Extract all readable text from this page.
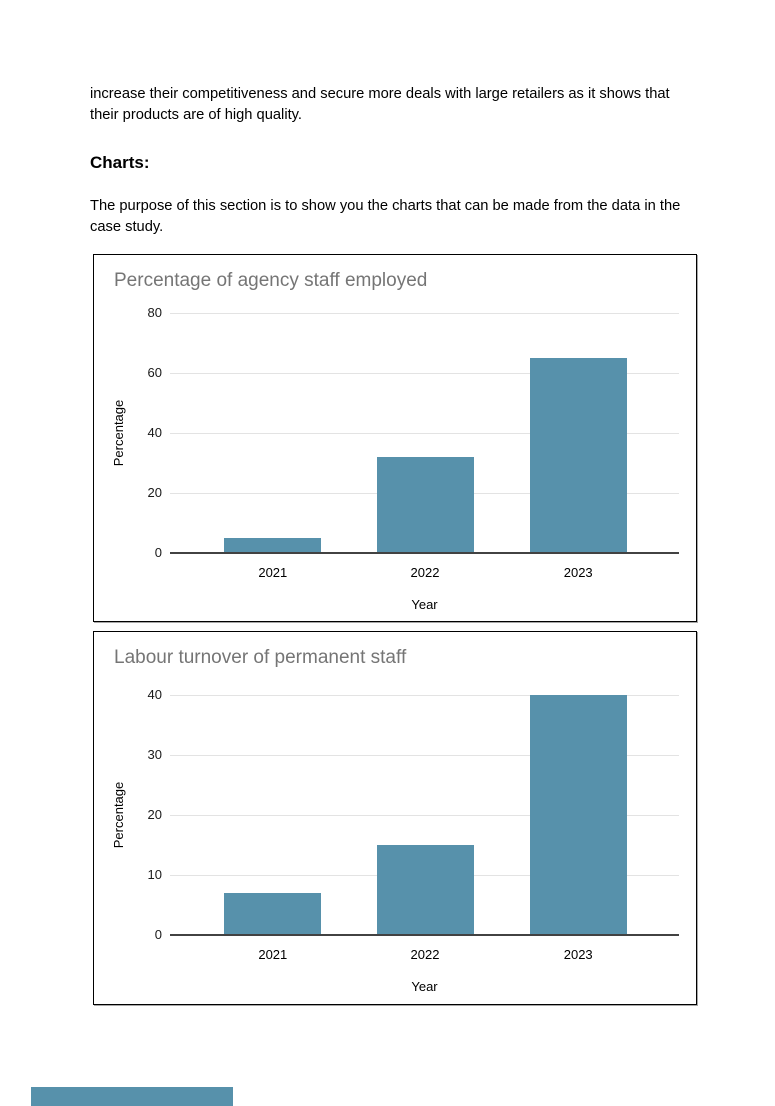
increase their competitiveness and secure more deals with large retailers as it shows that their products are of high quality.

Charts:

The purpose of this section is to show you the charts that can be made from the data in the case study.

Percentage of agency staff employed
0
20
40
60
80
2021	2022	2023
Year
Percentage
Labour turnover of permanent staff
0
10
20
30
40
2021	2022	2023
Year
Percentage
